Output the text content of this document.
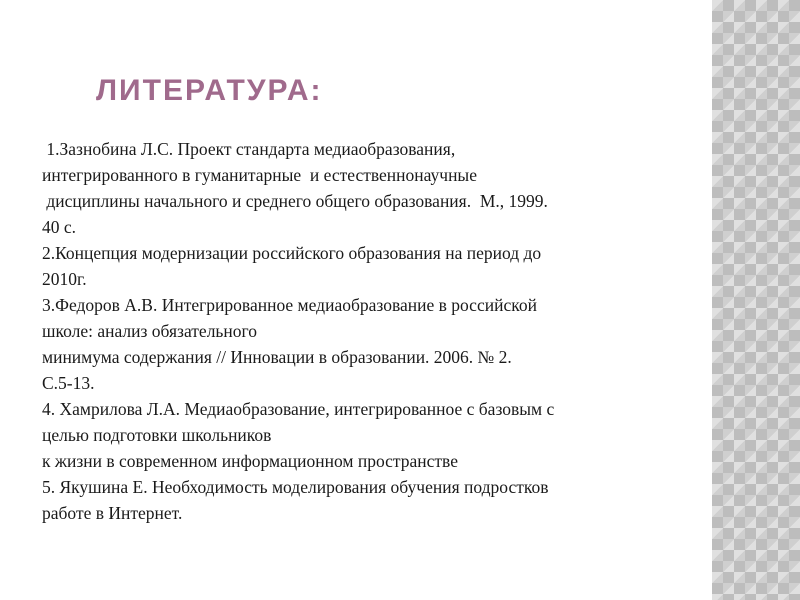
ЛИТЕРАТУРА:
1.Зазнобина Л.С. Проект стандарта медиаобразования,
интегрированного в гуманитарные  и естественнонаучные
дисциплины начального и среднего общего образования.  М., 1999.
40 с.
2.Концепция модернизации российского образования на период до
2010г.
3.Федоров А.В. Интегрированное медиаобразование в российской
школе: анализ обязательного
минимума содержания // Инновации в образовании. 2006. № 2.
С.5-13.
4. Хамрилова Л.А. Медиаобразование, интегрированное с базовым с
целью подготовки школьников
к жизни в современном информационном пространстве
5. Якушина Е. Необходимость моделирования обучения подростков
работе в Интернет.
